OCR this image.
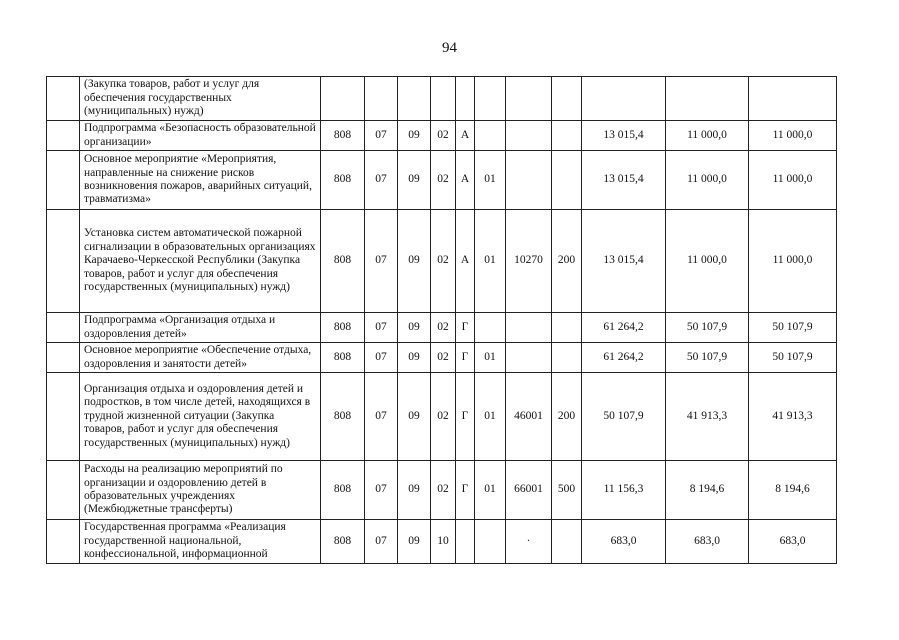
94
	(Закупка товаров, работ и услуг для обеспечения государственных (муниципальных) нужд)											
	Подпрограмма «Безопасность образовательной организации»	808	07	09	02	А				13 015,4	11 000,0	11 000,0
	Основное мероприятие «Мероприятия, направленные на снижение рисков возникновения пожаров, аварийных ситуаций, травматизма»	808	07	09	02	А	01			13 015,4	11 000,0	11 000,0
	Установка систем автоматической пожарной сигнализации в образовательных организациях Карачаево-Черкесской Республики (Закупка товаров, работ и услуг для обеспечения государственных (муниципальных) нужд)	808	07	09	02	А	01	10270	200	13 015,4	11 000,0	11 000,0
	Подпрограмма «Организация отдыха и оздоровления детей»	808	07	09	02	Г				61 264,2	50 107,9	50 107,9
	Основное мероприятие «Обеспечение отдыха, оздоровления и занятости детей»	808	07	09	02	Г	01			61 264,2	50 107,9	50 107,9
	Организация отдыха и оздоровления детей и подростков, в том числе детей, находящихся в трудной жизненной ситуации (Закупка товаров, работ и услуг для обеспечения государственных (муниципальных) нужд)	808	07	09	02	Г	01	46001	200	50 107,9	41 913,3	41 913,3
	Расходы на реализацию мероприятий по организации и оздоровлению детей в образовательных учреждениях (Межбюджетные трансферты)	808	07	09	02	Г	01	66001	500	11 156,3	8 194,6	8 194,6
	Государственная программа «Реализация государственной национальной, конфессиональной, информационной	808	07	09	10			·		683,0	683,0	683,0
